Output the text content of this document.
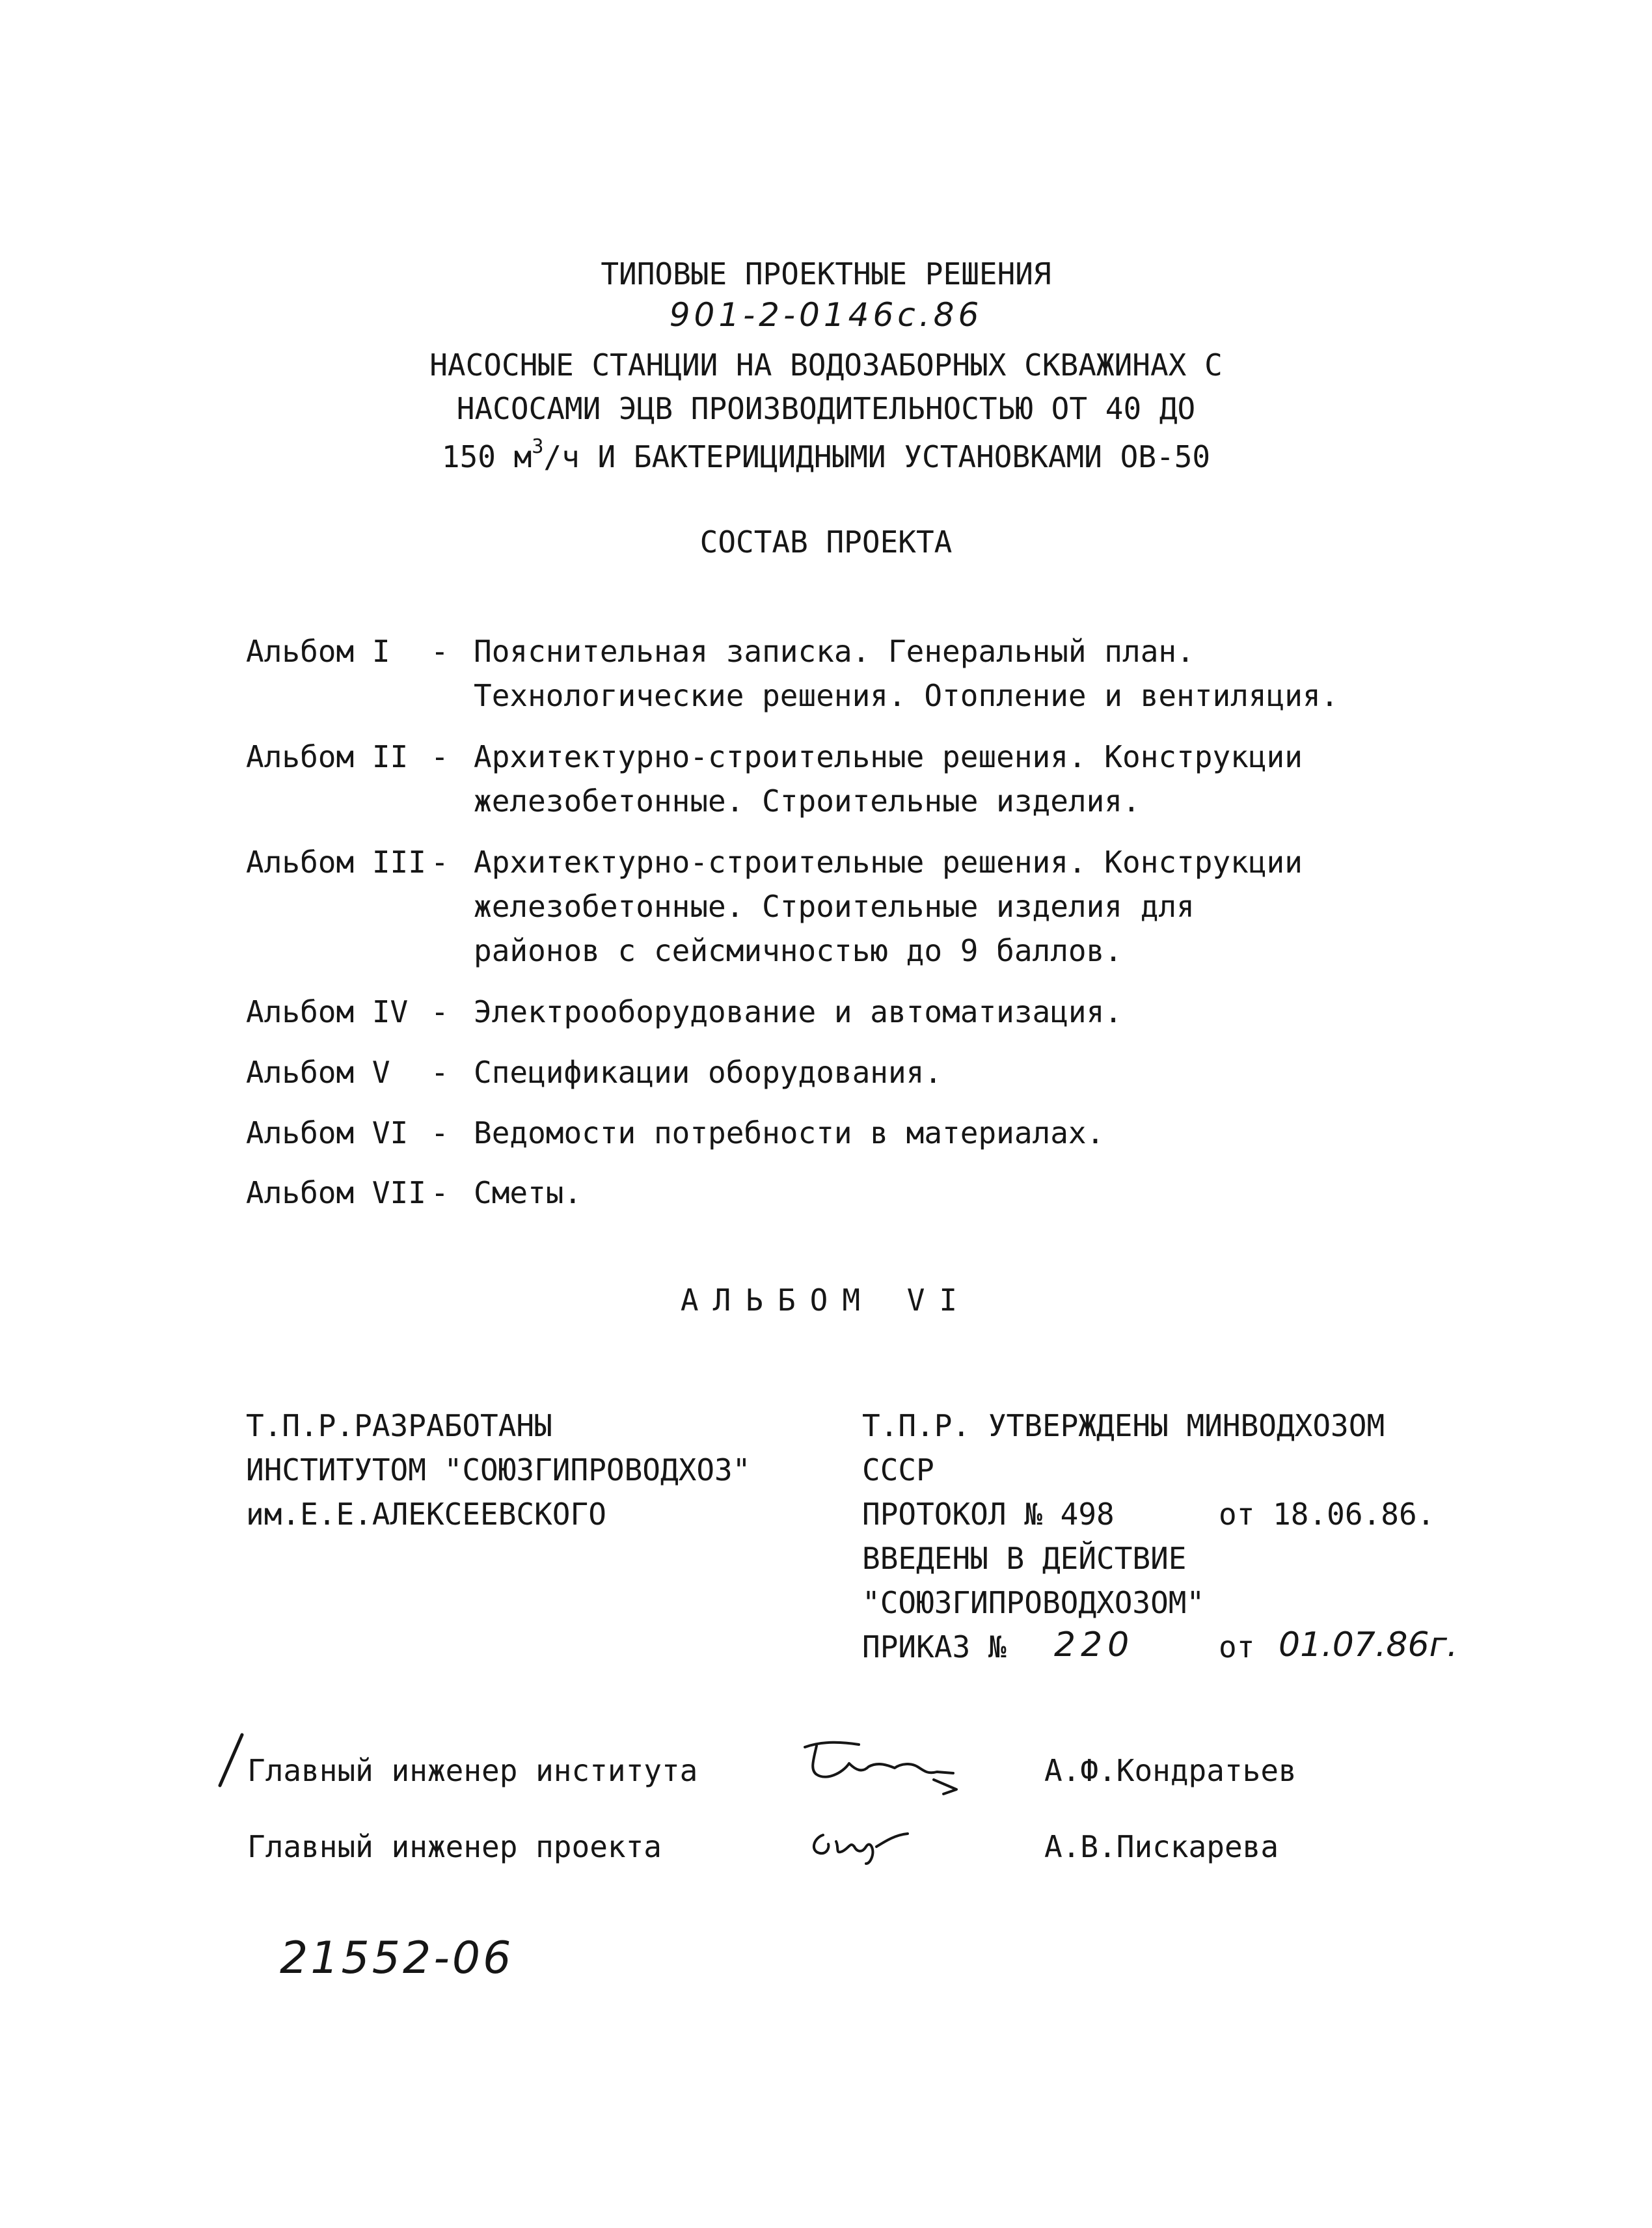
ТИПОВЫЕ ПРОЕКТНЫЕ РЕШЕНИЯ
901-2-0146с.86
НАСОСНЫЕ СТАНЦИИ НА ВОДОЗАБОРНЫХ СКВАЖИНАХ С
НАСОСАМИ ЭЦВ ПРОИЗВОДИТЕЛЬНОСТЬЮ ОТ 40 ДО
150 $м^3/ч$ И БАКТЕРИЦИДНЫМИ УСТАНОВКАМИ ОВ-50
СОСТАВ ПРОЕКТА
Альбом I - Пояснительная записка. Генеральный план.
Технологические решения. Отопление и вентиляция.
Альбом II - Архитектурно-строительные решения. Конструкции
железобетонные. Строительные изделия.
Альбом III - Архитектурно-строительные решения. Конструкции
железобетонные. Строительные изделия для
районов с сейсмичностью до 9 баллов.
Альбом IV - Электрооборудование и автоматизация.
Альбом V - Спецификации оборудования.
Альбом VI - Ведомости потребности в материалах.
Альбом VII - Сметы.
АЛЬБОМ VI
Т.П.Р.РАЗРАБОТАНЫ
ИНСТИТУТОМ "СОЮЗГИПРОВОДХОЗ"
им.Е.Е.АЛЕКСЕЕВСКОГО
Т.П.Р. УТВЕРЖДЕНЫ МИНВОДХОЗОМ
СССР
ПРОТОКОЛ № 498	от 18.06.86.
ВВЕДЕНЫ В ДЕЙСТВИЕ
"СОЮЗГИПРОВОДХОЗОМ"
ПРИКАЗ № 220	от 01.07.86г.
Главный инженер института	А.Ф.Кондратьев
Главный инженер проекта	А.В.Пискарева
21552-06
